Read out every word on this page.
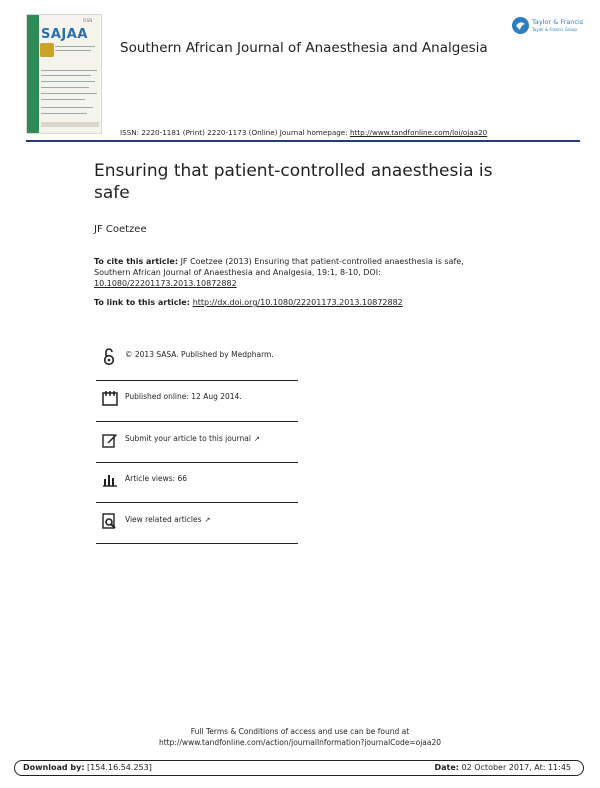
ISSN
SAJAA
Southern African Journal of Anaesthesia and Analgesia
Taylor & Francis
Taylor & Francis Group
ISSN: 2220-1181 (Print) 2220-1173 (Online) Journal homepage: http://www.tandfonline.com/loi/ojaa20
Ensuring that patient-controlled anaesthesia is safe
JF Coetzee
To cite this article: JF Coetzee (2013) Ensuring that patient-controlled anaesthesia is safe, Southern African Journal of Anaesthesia and Analgesia, 19:1, 8-10, DOI: 10.1080/22201173.2013.10872882
To link to this article: http://dx.doi.org/10.1080/22201173.2013.10872882
© 2013 SASA. Published by Medpharm.
Published online: 12 Aug 2014.
Submit your article to this journal ↗
Article views: 66
View related articles ↗
Full Terms & Conditions of access and use can be found at
http://www.tandfonline.com/action/journalInformation?journalCode=ojaa20
Download by: [154.16.54.253]	Date: 02 October 2017, At: 11:45
